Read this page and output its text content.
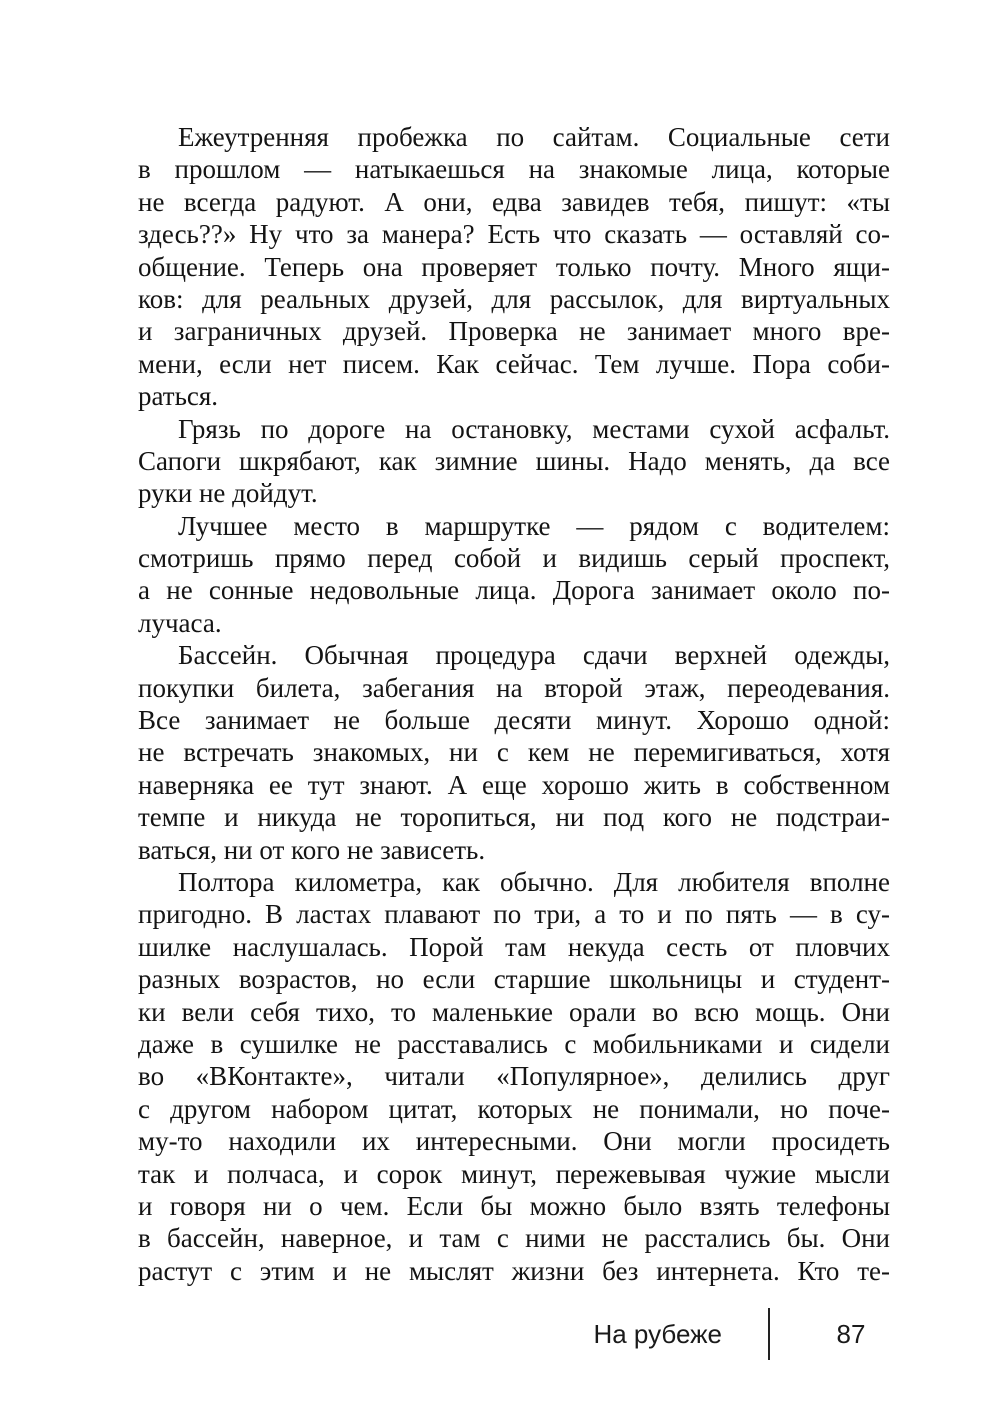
Ежеутренняя пробежка по сайтам. Социальные сети
в прошлом — натыкаешься на знакомые лица, которые
не всегда радуют. А они, едва завидев тебя, пишут: «ты
здесь??» Ну что за манера? Есть что сказать — оставляй со-
общение. Теперь она проверяет только почту. Много ящи-
ков: для реальных друзей, для рассылок, для виртуальных
и заграничных друзей. Проверка не занимает много вре-
мени, если нет писем. Как сейчас. Тем лучше. Пора соби-
раться.
Грязь по дороге на остановку, местами сухой асфальт.
Сапоги шкрябают, как зимние шины. Надо менять, да все
руки не дойдут.
Лучшее место в маршрутке — рядом с водителем:
смотришь прямо перед собой и видишь серый проспект,
а не сонные недовольные лица. Дорога занимает около по-
лучаса.
Бассейн. Обычная процедура сдачи верхней одежды,
покупки билета, забегания на второй этаж, переодевания.
Все занимает не больше десяти минут. Хорошо одной:
не встречать знакомых, ни с кем не перемигиваться, хотя
наверняка ее тут знают. А еще хорошо жить в собственном
темпе и никуда не торопиться, ни под кого не подстраи-
ваться, ни от кого не зависеть.
Полтора километра, как обычно. Для любителя вполне
пригодно. В ластах плавают по три, а то и по пять — в су-
шилке наслушалась. Порой там некуда сесть от пловчих
разных возрастов, но если старшие школьницы и студент-
ки вели себя тихо, то маленькие орали во всю мощь. Они
даже в сушилке не расставались с мобильниками и сидели
во «ВКонтакте», читали «Популярное», делились друг
с другом набором цитат, которых не понимали, но поче-
му-то находили их интересными. Они могли просидеть
так и полчаса, и сорок минут, пережевывая чужие мысли
и говоря ни о чем. Если бы можно было взять телефоны
в бассейн, наверное, и там с ними не расстались бы. Они
растут с этим и не мыслят жизни без интернета. Кто те-
На рубеже	87
